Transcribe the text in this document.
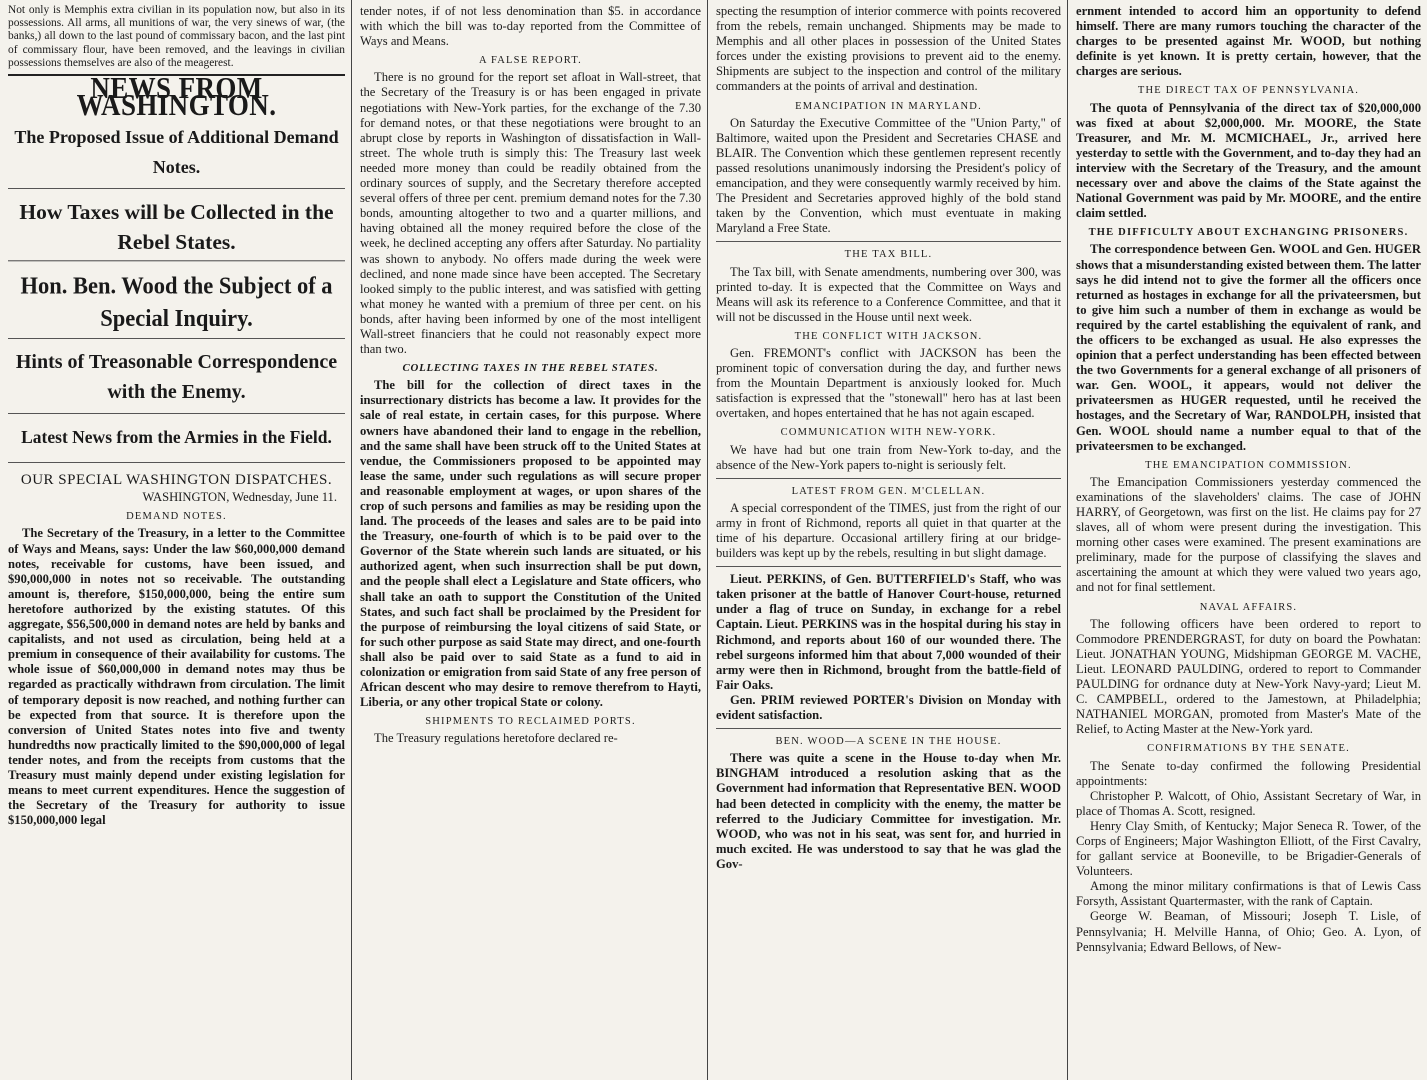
Not only is Memphis extra civilian in its population now, but also in its possessions. All arms, all munitions of war, the very sinews of war, (the banks,) all down to the last pound of commissary bacon, and the last pint of commissary flour, have been removed, and the leavings in civilian possessions themselves are also of the meagerest.

NEWS FROM WASHINGTON.
The Proposed Issue of Additional Demand Notes.
How Taxes will be Collected in the Rebel States.
Hon. Ben. Wood the Subject of a Special Inquiry.
Hints of Treasonable Correspondence with the Enemy.
Latest News from the Armies in the Field.
OUR SPECIAL WASHINGTON DISPATCHES.
WASHINGTON, Wednesday, June 11.
DEMAND NOTES.

The Secretary of the Treasury, in a letter to the Committee of Ways and Means, says: Under the law $60,000,000 demand notes, receivable for customs, have been issued, and $90,000,000 in notes not so receivable. The outstanding amount is, therefore, $150,000,000, being the entire sum heretofore authorized by the existing statutes. Of this aggregate, $56,500,000 in demand notes are held by banks and capitalists, and not used as circulation, being held at a premium in consequence of their availability for customs. The whole issue of $60,000,000 in demand notes may thus be regarded as practically withdrawn from circulation. The limit of temporary deposit is now reached, and nothing further can be expected from that source. It is therefore upon the conversion of United States notes into five and twenty hundredths now practically limited to the $90,000,000 of legal tender notes, and from the receipts from customs that the Treasury must mainly depend under existing legislation for means to meet current expenditures. Hence the suggestion of the Secretary of the Treasury for authority to issue $150,000,000 legal

tender notes, if of not less denomination than $5. in accordance with which the bill was to-day reported from the Committee of Ways and Means.

A FALSE REPORT.

There is no ground for the report set afloat in Wall-street, that the Secretary of the Treasury is or has been engaged in private negotiations with New-York parties, for the exchange of the 7.30 for demand notes, or that these negotiations were brought to an abrupt close by reports in Washington of dissatisfaction in Wall-street. The whole truth is simply this: The Treasury last week needed more money than could be readily obtained from the ordinary sources of supply, and the Secretary therefore accepted several offers of three per cent. premium demand notes for the 7.30 bonds, amounting altogether to two and a quarter millions, and having obtained all the money required before the close of the week, he declined accepting any offers after Saturday. No partiality was shown to anybody. No offers made during the week were declined, and none made since have been accepted. The Secretary looked simply to the public interest, and was satisfied with getting what money he wanted with a premium of three per cent. on his bonds, after having been informed by one of the most intelligent Wall-street financiers that he could not reasonably expect more than two.

COLLECTING TAXES IN THE REBEL STATES.

The bill for the collection of direct taxes in the insurrectionary districts has become a law. It provides for the sale of real estate, in certain cases, for this purpose. Where owners have abandoned their land to engage in the rebellion, and the same shall have been struck off to the United States at vendue, the Commissioners proposed to be appointed may lease the same, under such regulations as will secure proper and reasonable employment at wages, or upon shares of the crop of such persons and families as may be residing upon the land. The proceeds of the leases and sales are to be paid into the Treasury, one-fourth of which is to be paid over to the Governor of the State wherein such lands are situated, or his authorized agent, when such insurrection shall be put down, and the people shall elect a Legislature and State officers, who shall take an oath to support the Constitution of the United States, and such fact shall be proclaimed by the President for the purpose of reimbursing the loyal citizens of said State, or for such other purpose as said State may direct, and one-fourth shall also be paid over to said State as a fund to aid in colonization or emigration from said State of any free person of African descent who may desire to remove therefrom to Hayti, Liberia, or any other tropical State or colony.

SHIPMENTS TO RECLAIMED PORTS.

The Treasury regulations heretofore declared re-

specting the resumption of interior commerce with points recovered from the rebels, remain unchanged. Shipments may be made to Memphis and all other places in possession of the United States forces under the existing provisions to prevent aid to the enemy. Shipments are subject to the inspection and control of the military commanders at the points of arrival and destination.

EMANCIPATION IN MARYLAND.

On Saturday the Executive Committee of the "Union Party," of Baltimore, waited upon the President and Secretaries CHASE and BLAIR. The Convention which these gentlemen represent recently passed resolutions unanimously indorsing the President's policy of emancipation, and they were consequently warmly received by him. The President and Secretaries approved highly of the bold stand taken by the Convention, which must eventuate in making Maryland a Free State.

THE TAX BILL.

The Tax bill, with Senate amendments, numbering over 300, was printed to-day. It is expected that the Committee on Ways and Means will ask its reference to a Conference Committee, and that it will not be discussed in the House until next week.

THE CONFLICT WITH JACKSON.

Gen. FREMONT's conflict with JACKSON has been the prominent topic of conversation during the day, and further news from the Mountain Department is anxiously looked for. Much satisfaction is expressed that the "stonewall" hero has at last been overtaken, and hopes entertained that he has not again escaped.

COMMUNICATION WITH NEW-YORK.

We have had but one train from New-York to-day, and the absence of the New-York papers to-night is seriously felt.

LATEST FROM GEN. M'CLELLAN.

A special correspondent of the TIMES, just from the right of our army in front of Richmond, reports all quiet in that quarter at the time of his departure. Occasional artillery firing at our bridge-builders was kept up by the rebels, resulting in but slight damage.

Lieut. PERKINS, of Gen. BUTTERFIELD's Staff, who was taken prisoner at the battle of Hanover Court-house, returned under a flag of truce on Sunday, in exchange for a rebel Captain. Lieut. PERKINS was in the hospital during his stay in Richmond, and reports about 160 of our wounded there. The rebel surgeons informed him that about 7,000 wounded of their army were then in Richmond, brought from the battle-field of Fair Oaks.

Gen. PRIM reviewed PORTER's Division on Monday with evident satisfaction.

BEN. WOOD—A SCENE IN THE HOUSE.

There was quite a scene in the House to-day when Mr. BINGHAM introduced a resolution asking that as the Government had information that Representative BEN. WOOD had been detected in complicity with the enemy, the matter be referred to the Judiciary Committee for investigation. Mr. WOOD, who was not in his seat, was sent for, and hurried in much excited. He was understood to say that he was glad the Gov-

ernment intended to accord him an opportunity to defend himself. There are many rumors touching the character of the charges to be presented against Mr. WOOD, but nothing definite is yet known. It is pretty certain, however, that the charges are serious.

THE DIRECT TAX OF PENNSYLVANIA.

The quota of Pennsylvania of the direct tax of $20,000,000 was fixed at about $2,000,000. Mr. MOORE, the State Treasurer, and Mr. M. MCMICHAEL, Jr., arrived here yesterday to settle with the Government, and to-day they had an interview with the Secretary of the Treasury, and the amount necessary over and above the claims of the State against the National Government was paid by Mr. MOORE, and the entire claim settled.

THE DIFFICULTY ABOUT EXCHANGING PRISONERS.

The correspondence between Gen. WOOL and Gen. HUGER shows that a misunderstanding existed between them. The latter says he did intend not to give the former all the officers once returned as hostages in exchange for all the privateersmen, but to give him such a number of them in exchange as would be required by the cartel establishing the equivalent of rank, and the officers to be exchanged as usual. He also expresses the opinion that a perfect understanding has been effected between the two Governments for a general exchange of all prisoners of war. Gen. WOOL, it appears, would not deliver the privateersmen as HUGER requested, until he received the hostages, and the Secretary of War, RANDOLPH, insisted that Gen. WOOL should name a number equal to that of the privateersmen to be exchanged.

THE EMANCIPATION COMMISSION.

The Emancipation Commissioners yesterday commenced the examinations of the slaveholders' claims. The case of JOHN HARRY, of Georgetown, was first on the list. He claims pay for 27 slaves, all of whom were present during the investigation. This morning other cases were examined. The present examinations are preliminary, made for the purpose of classifying the slaves and ascertaining the amount at which they were valued two years ago, and not for final settlement.

NAVAL AFFAIRS.

The following officers have been ordered to report to Commodore PRENDERGRAST, for duty on board the Powhatan: Lieut. JONATHAN YOUNG, Midshipman GEORGE M. VACHE, Lieut. LEONARD PAULDING, ordered to report to Commander PAULDING for ordnance duty at New-York Navy-yard; Lieut M. C. CAMPBELL, ordered to the Jamestown, at Philadelphia; NATHANIEL MORGAN, promoted from Master's Mate of the Relief, to Acting Master at the New-York yard.

CONFIRMATIONS BY THE SENATE.

The Senate to-day confirmed the following Presidential appointments:

Christopher P. Walcott, of Ohio, Assistant Secretary of War, in place of Thomas A. Scott, resigned.

Henry Clay Smith, of Kentucky; Major Seneca R. Tower, of the Corps of Engineers; Major Washington Elliott, of the First Cavalry, for gallant service at Booneville, to be Brigadier-Generals of Volunteers.

Among the minor military confirmations is that of Lewis Cass Forsyth, Assistant Quartermaster, with the rank of Captain.

George W. Beaman, of Missouri; Joseph T. Lisle, of Pennsylvania; H. Melville Hanna, of Ohio; Geo. A. Lyon, of Pennsylvania; Edward Bellows, of New-
